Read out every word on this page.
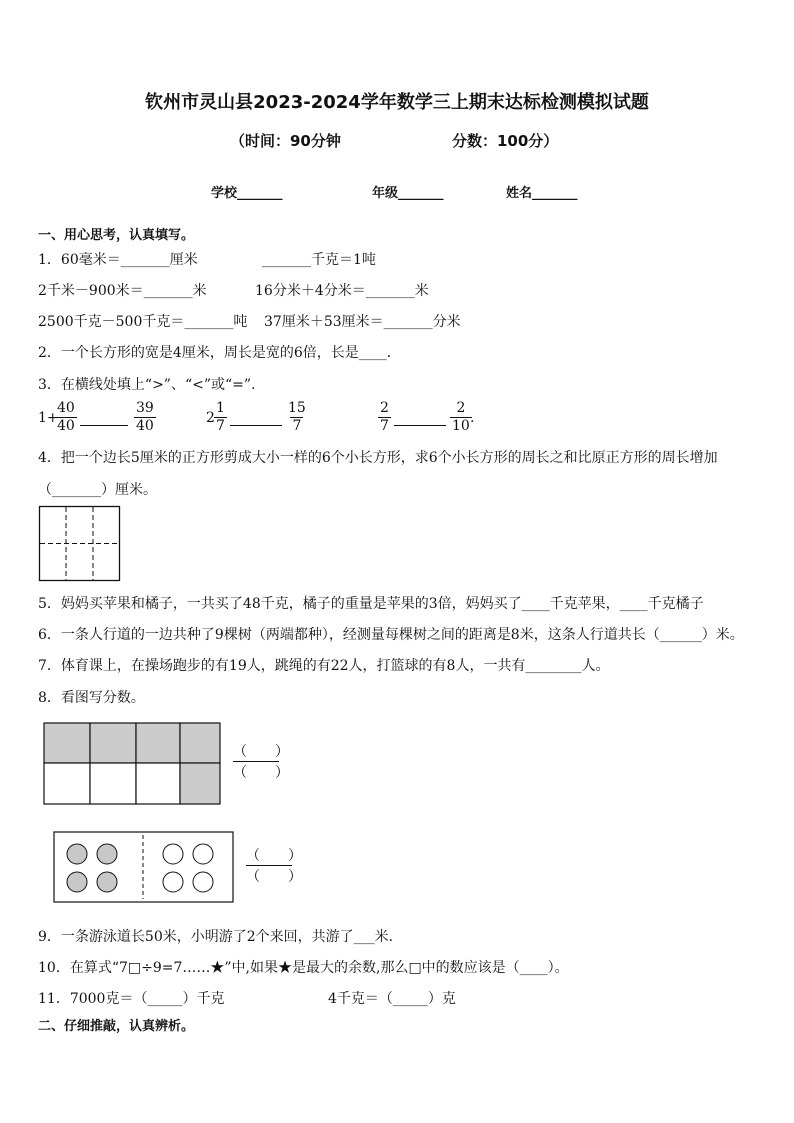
钦州市灵山县2023-2024学年数学三上期末达标检测模拟试题
（时间：90分钟	分数：100分）
学校_______	年级_______	姓名_______
一、用心思考，认真填写。
1．60毫米＝_______厘米	_______千克＝1吨
2千米－900米＝_______米	16分米＋4分米＝_______米
2500千克－500千克＝_______吨 37厘米＋53厘米＝_______分米
2．一个长方形的宽是4厘米，周长是宽的6倍，长是____．
3．在横线处填上“>”、“<”或“=”.
1+
$\frac{40}{40}$	$\frac{39}{40}$	$2 \frac{1}{7}$	$\frac{15}{7}$	$\frac{2}{7}$	$\frac{2}{10}$
.
4．把一个边长5厘米的正方形剪成大小一样的6个小长方形，求6个小长方形的周长之和比原正方形的周长增加
（_______）厘米。
5．妈妈买苹果和橘子，一共买了48千克，橘子的重量是苹果的3倍，妈妈买了____千克苹果，____千克橘子
6．一条人行道的一边共种了9棵树（两端都种），经测量每棵树之间的距离是8米，这条人行道共长（______）米。
7．体育课上，在操场跑步的有19人，跳绳的有22人，打篮球的有8人，一共有________人。
8．看图写分数。
（　　）
（　　）
（　　）
（　　）
9．一条游泳道长50米，小明游了2个来回，共游了___米．
10．在算式“7□÷9=7……★”中,如果★是最大的余数,那么□中的数应该是（____）。
11．7000克＝（_____）千克	4千克＝（_____）克
二、仔细推敲，认真辨析。
